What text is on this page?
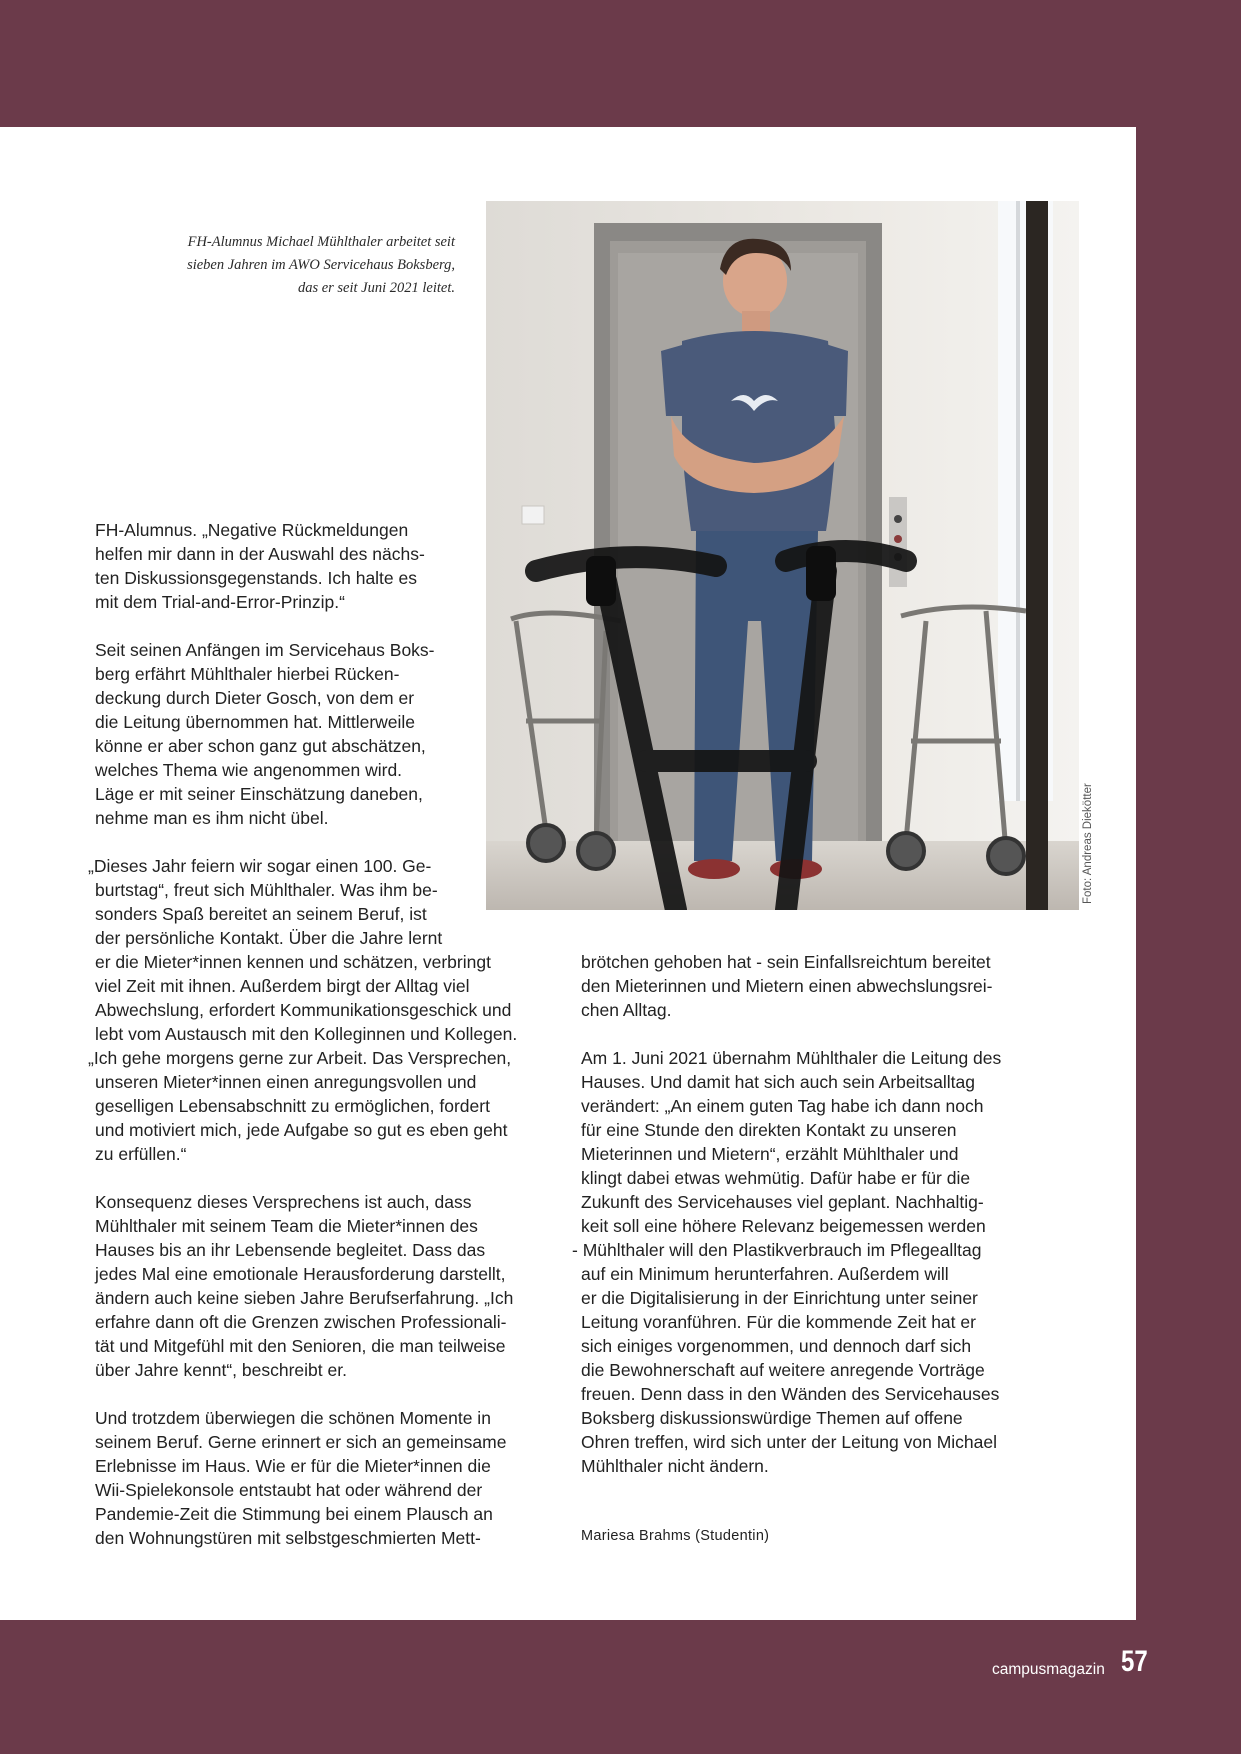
FH-Alumnus Michael Mühlthaler arbeitet seit
sieben Jahren im AWO Servicehaus Boksberg,
das er seit Juni 2021 leitet.
Foto: Andreas Diekötter
FH-Alumnus. „Negative Rückmeldungen
helfen mir dann in der Auswahl des nächs-
ten Diskussionsgegenstands. Ich halte es
mit dem Trial-and-Error-Prinzip.“
Seit seinen Anfängen im Servicehaus Boks-
berg erfährt Mühlthaler hierbei Rücken-
deckung durch Dieter Gosch, von dem er
die Leitung übernommen hat. Mittlerweile
könne er aber schon ganz gut abschätzen,
welches Thema wie angenommen wird.
Läge er mit seiner Einschätzung daneben,
nehme man es ihm nicht übel.
„Dieses Jahr feiern wir sogar einen 100. Ge-
burtstag“, freut sich Mühlthaler. Was ihm be-
sonders Spaß bereitet an seinem Beruf, ist
der persönliche Kontakt. Über die Jahre lernt
er die Mieter*innen kennen und schätzen, verbringt
viel Zeit mit ihnen. Außerdem birgt der Alltag viel
Abwechslung, erfordert Kommunikationsgeschick und
lebt vom Austausch mit den Kolleginnen und Kollegen.
„Ich gehe morgens gerne zur Arbeit. Das Versprechen,
unseren Mieter*innen einen anregungsvollen und
geselligen Lebensabschnitt zu ermöglichen, fordert
und motiviert mich, jede Aufgabe so gut es eben geht
zu erfüllen.“
Konsequenz dieses Versprechens ist auch, dass
Mühlthaler mit seinem Team die Mieter*innen des
Hauses bis an ihr Lebensende begleitet. Dass das
jedes Mal eine emotionale Herausforderung darstellt,
ändern auch keine sieben Jahre Berufserfahrung. „Ich
erfahre dann oft die Grenzen zwischen Professionali-
tät und Mitgefühl mit den Senioren, die man teilweise
über Jahre kennt“, beschreibt er.
Und trotzdem überwiegen die schönen Momente in
seinem Beruf. Gerne erinnert er sich an gemeinsame
Erlebnisse im Haus. Wie er für die Mieter*innen die
Wii-Spielekonsole entstaubt hat oder während der
Pandemie-Zeit die Stimmung bei einem Plausch an
den Wohnungstüren mit selbstgeschmierten Mett-
brötchen gehoben hat - sein Einfallsreichtum bereitet
den Mieterinnen und Mietern einen abwechslungsrei-
chen Alltag.
Am 1. Juni 2021 übernahm Mühlthaler die Leitung des
Hauses. Und damit hat sich auch sein Arbeitsalltag
verändert: „An einem guten Tag habe ich dann noch
für eine Stunde den direkten Kontakt zu unseren
Mieterinnen und Mietern“, erzählt Mühlthaler und
klingt dabei etwas wehmütig. Dafür habe er für die
Zukunft des Servicehauses viel geplant. Nachhaltig-
keit soll eine höhere Relevanz beigemessen werden
- Mühlthaler will den Plastikverbrauch im Pflegealltag
auf ein Minimum herunterfahren. Außerdem will
er die Digitalisierung in der Einrichtung unter seiner
Leitung voranführen. Für die kommende Zeit hat er
sich einiges vorgenommen, und dennoch darf sich
die Bewohnerschaft auf weitere anregende Vorträge
freuen. Denn dass in den Wänden des Servicehauses
Boksberg diskussionswürdige Themen auf offene
Ohren treffen, wird sich unter der Leitung von Michael
Mühlthaler nicht ändern.
Mariesa Brahms (Studentin)
campusmagazin 57
